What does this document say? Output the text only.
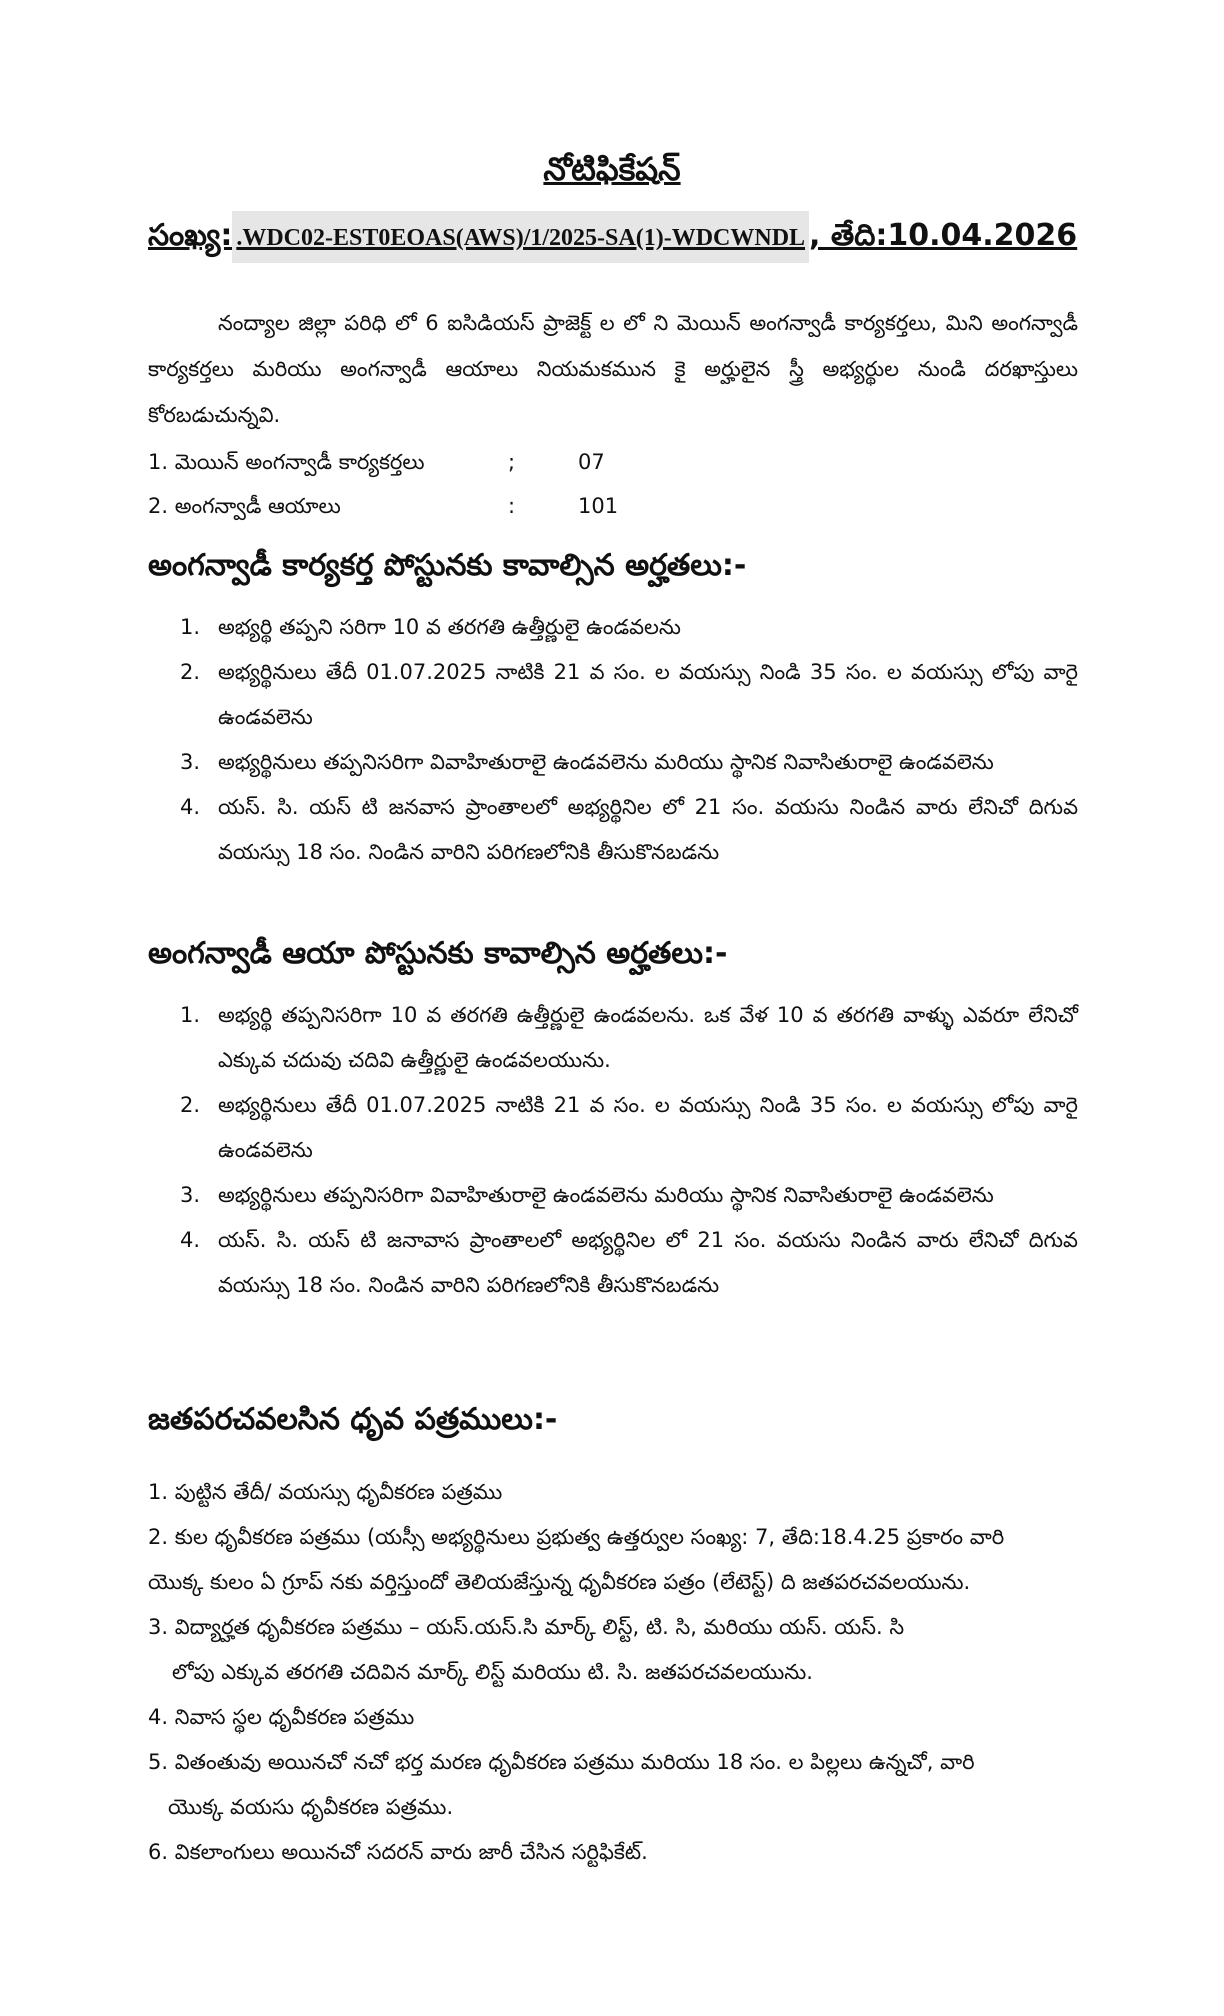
నోటిఫికేషన్
సంఖ్య: .WDC02-EST0EOAS(AWS)/1/2025-SA(1)-WDCWNDL , తేది:10.04.2026
నంద్యాల జిల్లా పరిధి లో 6 ఐసిడియస్ ప్రాజెక్ట్ ల లో ని మెయిన్ అంగన్వాడీ కార్యకర్తలు, మిని అంగన్వాడీ కార్యకర్తలు మరియు అంగన్వాడీ ఆయాలు నియమకమున కై అర్హులైన స్త్రీ అభ్యర్థుల నుండి దరఖాస్తులు కోరబడుచున్నవి.
1. మెయిన్ అంగన్వాడీ కార్యకర్తలు	;	07
2. అంగన్వాడీ ఆయాలు	:	101
అంగన్వాడీ కార్యకర్త పోస్టునకు కావాల్సిన అర్హతలు:-
1. అభ్యర్థి తప్పని సరిగా 10 వ తరగతి ఉత్తీర్ణులై ఉండవలను
2. అభ్యర్థినులు తేదీ 01.07.2025 నాటికి 21 వ సం. ల వయస్సు నిండి 35 సం. ల వయస్సు లోపు వారై ఉండవలెను
3. అభ్యర్థినులు తప్పనిసరిగా వివాహితురాలై ఉండవలెను మరియు స్థానిక నివాసితురాలై ఉండవలెను
4. యస్. సి. యస్ టి జనవాస ప్రాంతాలలో అభ్యర్థినిల లో 21 సం. వయసు నిండిన వారు లేనిచో దిగువ వయస్సు 18 సం. నిండిన వారిని పరిగణలోనికి తీసుకొనబడను
అంగన్వాడీ ఆయా పోస్టునకు కావాల్సిన అర్హతలు:-
1. అభ్యర్థి తప్పనిసరిగా 10 వ తరగతి ఉత్తీర్ణులై ఉండవలను. ఒక వేళ 10 వ తరగతి వాళ్ళు ఎవరూ లేనిచో ఎక్కువ చదువు చదివి ఉత్తీర్ణులై ఉండవలయును.
2. అభ్యర్థినులు తేదీ 01.07.2025 నాటికి 21 వ సం. ల వయస్సు నిండి 35 సం. ల వయస్సు లోపు వారై ఉండవలెను
3. అభ్యర్థినులు తప్పనిసరిగా వివాహితురాలై ఉండవలెను మరియు స్థానిక నివాసితురాలై ఉండవలెను
4. యస్. సి. యస్ టి జనావాస ప్రాంతాలలో అభ్యర్థినిల లో 21 సం. వయసు నిండిన వారు లేనిచో దిగువ వయస్సు 18 సం. నిండిన వారిని పరిగణలోనికి తీసుకొనబడను
జతపరచవలసిన ధృవ పత్రములు:-
1. పుట్టిన తేదీ/ వయస్సు ధృవీకరణ పత్రము
2. కుల ధృవీకరణ పత్రము (యస్సీ అభ్యర్థినులు ప్రభుత్వ ఉత్తర్వుల సంఖ్య: 7, తేది:18.4.25 ప్రకారం వారి
యొక్క కులం ఏ గ్రూప్ నకు వర్తిస్తుందో తెలియజేస్తున్న ధృవీకరణ పత్రం (లేటెస్ట్) ది జతపరచవలయును.
3. విద్యార్హత ధృవీకరణ పత్రము – యస్.యస్.సి మార్క్ లిస్ట్, టి. సి, మరియు యస్. యస్. సి
లోపు ఎక్కువ తరగతి చదివిన మార్క్ లిస్ట్ మరియు టి. సి. జతపరచవలయును.
4. నివాస స్థల ధృవీకరణ పత్రము
5. వితంతువు అయినచో నచో భర్త మరణ ధృవీకరణ పత్రము మరియు 18 సం. ల పిల్లలు ఉన్నచో, వారి
యొక్క వయసు ధృవీకరణ పత్రము.
6. వికలాంగులు అయినచో సదరన్ వారు జారీ చేసిన సర్టిఫికేట్.
